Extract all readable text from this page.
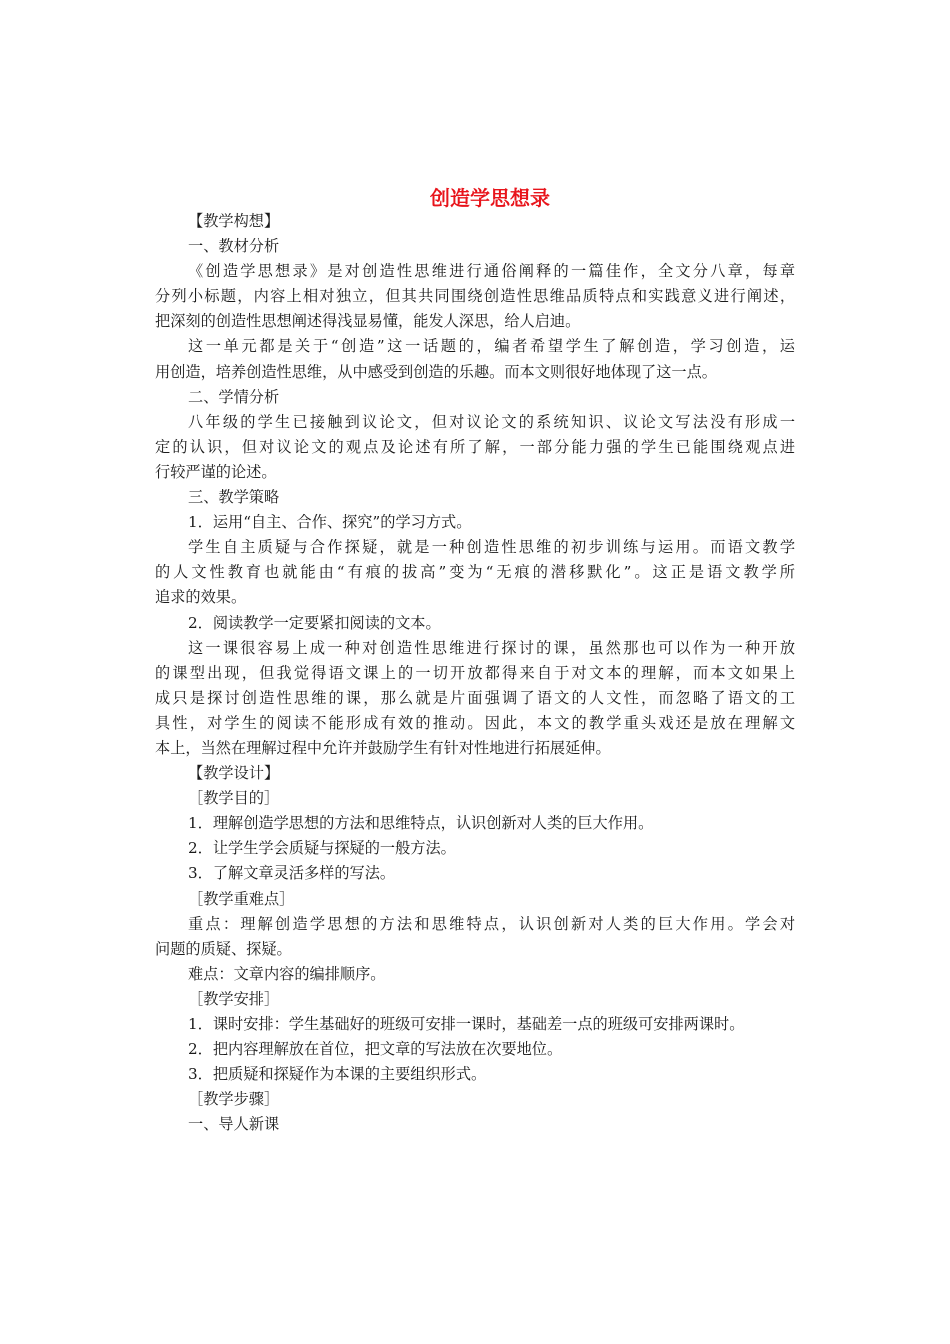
创造学思想录
【教学构想】
一、教材分析
《创造学思想录》是对创造性思维进行通俗阐释的一篇佳作，全文分八章，每章
分列小标题，内容上相对独立，但其共同围绕创造性思维品质特点和实践意义进行阐述，
把深刻的创造性思想阐述得浅显易懂，能发人深思，给人启迪。
这一单元都是关于“创造”这一话题的，编者希望学生了解创造，学习创造，运
用创造，培养创造性思维，从中感受到创造的乐趣。而本文则很好地体现了这一点。
二、学情分析
八年级的学生已接触到议论文，但对议论文的系统知识、议论文写法没有形成一
定的认识，但对议论文的观点及论述有所了解，一部分能力强的学生已能围绕观点进
行较严谨的论述。
三、教学策略
1．运用“自主、合作、探究”的学习方式。
学生自主质疑与合作探疑，就是一种创造性思维的初步训练与运用。而语文教学
的人文性教育也就能由“有痕的拔高”变为“无痕的潜移默化”。这正是语文教学所
追求的效果。
2．阅读教学一定要紧扣阅读的文本。
这一课很容易上成一种对创造性思维进行探讨的课，虽然那也可以作为一种开放
的课型出现，但我觉得语文课上的一切开放都得来自于对文本的理解，而本文如果上
成只是探讨创造性思维的课，那么就是片面强调了语文的人文性，而忽略了语文的工
具性，对学生的阅读不能形成有效的推动。因此，本文的教学重头戏还是放在理解文
本上，当然在理解过程中允许并鼓励学生有针对性地进行拓展延伸。
【教学设计】
［教学目的］
1．理解创造学思想的方法和思维特点，认识创新对人类的巨大作用。
2．让学生学会质疑与探疑的一般方法。
3．了解文章灵活多样的写法。
［教学重难点］
重点：理解创造学思想的方法和思维特点，认识创新对人类的巨大作用。学会对
问题的质疑、探疑。
难点：文章内容的编排顺序。
［教学安排］
1．课时安排：学生基础好的班级可安排一课时，基础差一点的班级可安排两课时。
2．把内容理解放在首位，把文章的写法放在次要地位。
3．把质疑和探疑作为本课的主要组织形式。
［教学步骤］
一、导人新课
